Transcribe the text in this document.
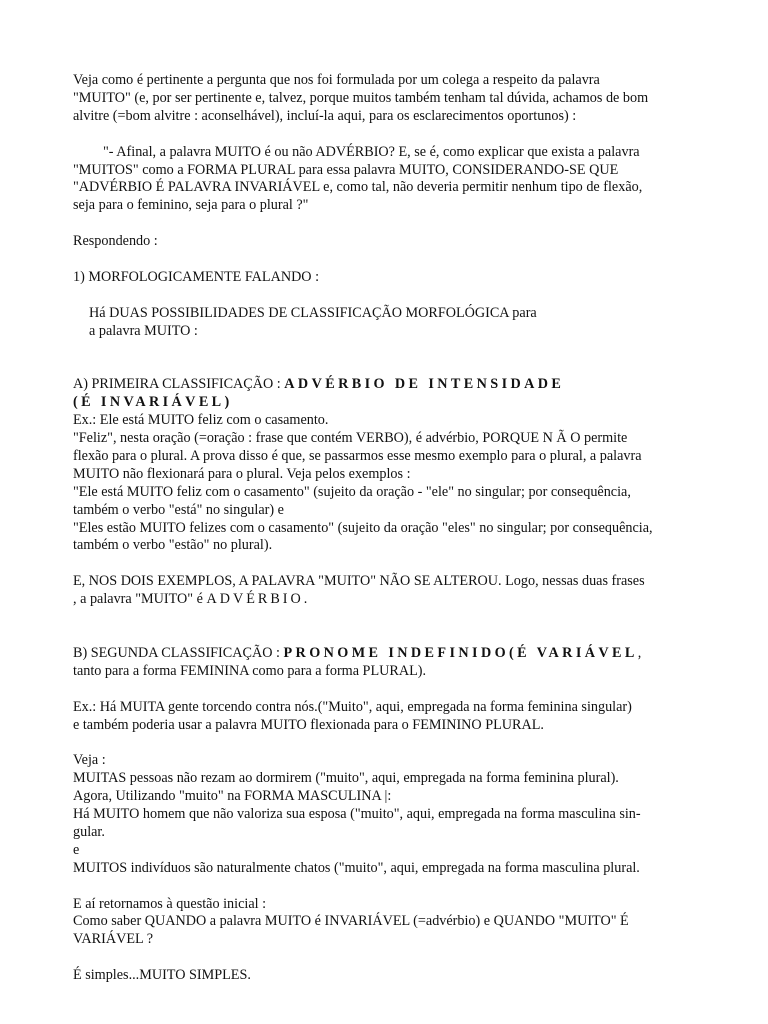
Veja como é pertinente a pergunta que nos foi formulada por um colega a respeito da palavra
"MUITO" (e, por ser pertinente e, talvez, porque muitos também tenham tal dúvida, achamos de bom
alvitre (=bom alvitre : aconselhável), incluí-la aqui, para os esclarecimentos oportunos) :
"- Afinal, a palavra MUITO é ou não ADVÉRBIO? E, se é, como explicar que exista a palavra
"MUITOS" como a FORMA PLURAL para essa palavra MUITO, CONSIDERANDO-SE QUE
"ADVÉRBIO É PALAVRA INVARIÁVEL e, como tal, não deveria permitir nenhum tipo de flexão,
seja para o feminino, seja para o plural ?"
Respondendo :
1) MORFOLOGICAMENTE FALANDO :
Há DUAS POSSIBILIDADES DE CLASSIFICAÇÃO MORFOLÓGICA para
a palavra MUITO :
A) PRIMEIRA CLASSIFICAÇÃO : ADVÉRBIO DE INTENSIDADE
(É INVARIÁVEL)
Ex.: Ele está MUITO feliz com o casamento.
"Feliz", nesta oração (=oração : frase que contém VERBO), é advérbio, PORQUE N Ã O permite
flexão para o plural. A prova disso é que, se passarmos esse mesmo exemplo para o plural, a palavra
MUITO não flexionará para o plural. Veja pelos exemplos :
"Ele está MUITO feliz com o casamento" (sujeito da oração - "ele" no singular; por consequência,
também o verbo "está" no singular) e
"Eles estão MUITO felizes com o casamento" (sujeito da oração "eles" no singular; por consequência,
também o verbo "estão" no plural).
E, NOS DOIS EXEMPLOS, A PALAVRA "MUITO" NÃO SE ALTEROU. Logo, nessas duas frases
, a palavra "MUITO" é ADVÉRBIO.
B) SEGUNDA CLASSIFICAÇÃO : PRONOME INDEFINIDO(É VARIÁVEL,
tanto para a forma FEMININA como para a forma PLURAL).
Ex.: Há MUITA gente torcendo contra nós.("Muito", aqui, empregada na forma feminina singular)
e também poderia usar a palavra MUITO flexionada para o FEMININO PLURAL.
Veja :
MUITAS pessoas não rezam ao dormirem ("muito", aqui, empregada na forma feminina plural).
Agora, Utilizando "muito" na FORMA MASCULINA |:
Há MUITO homem que não valoriza sua esposa ("muito", aqui, empregada na forma masculina sin-
gular.
e
MUITOS indivíduos são naturalmente chatos ("muito", aqui, empregada na forma masculina plural.
E aí retornamos à questão inicial :
Como saber QUANDO a palavra MUITO é INVARIÁVEL (=advérbio) e QUANDO "MUITO" É
VARIÁVEL ?
É simples...MUITO SIMPLES.
